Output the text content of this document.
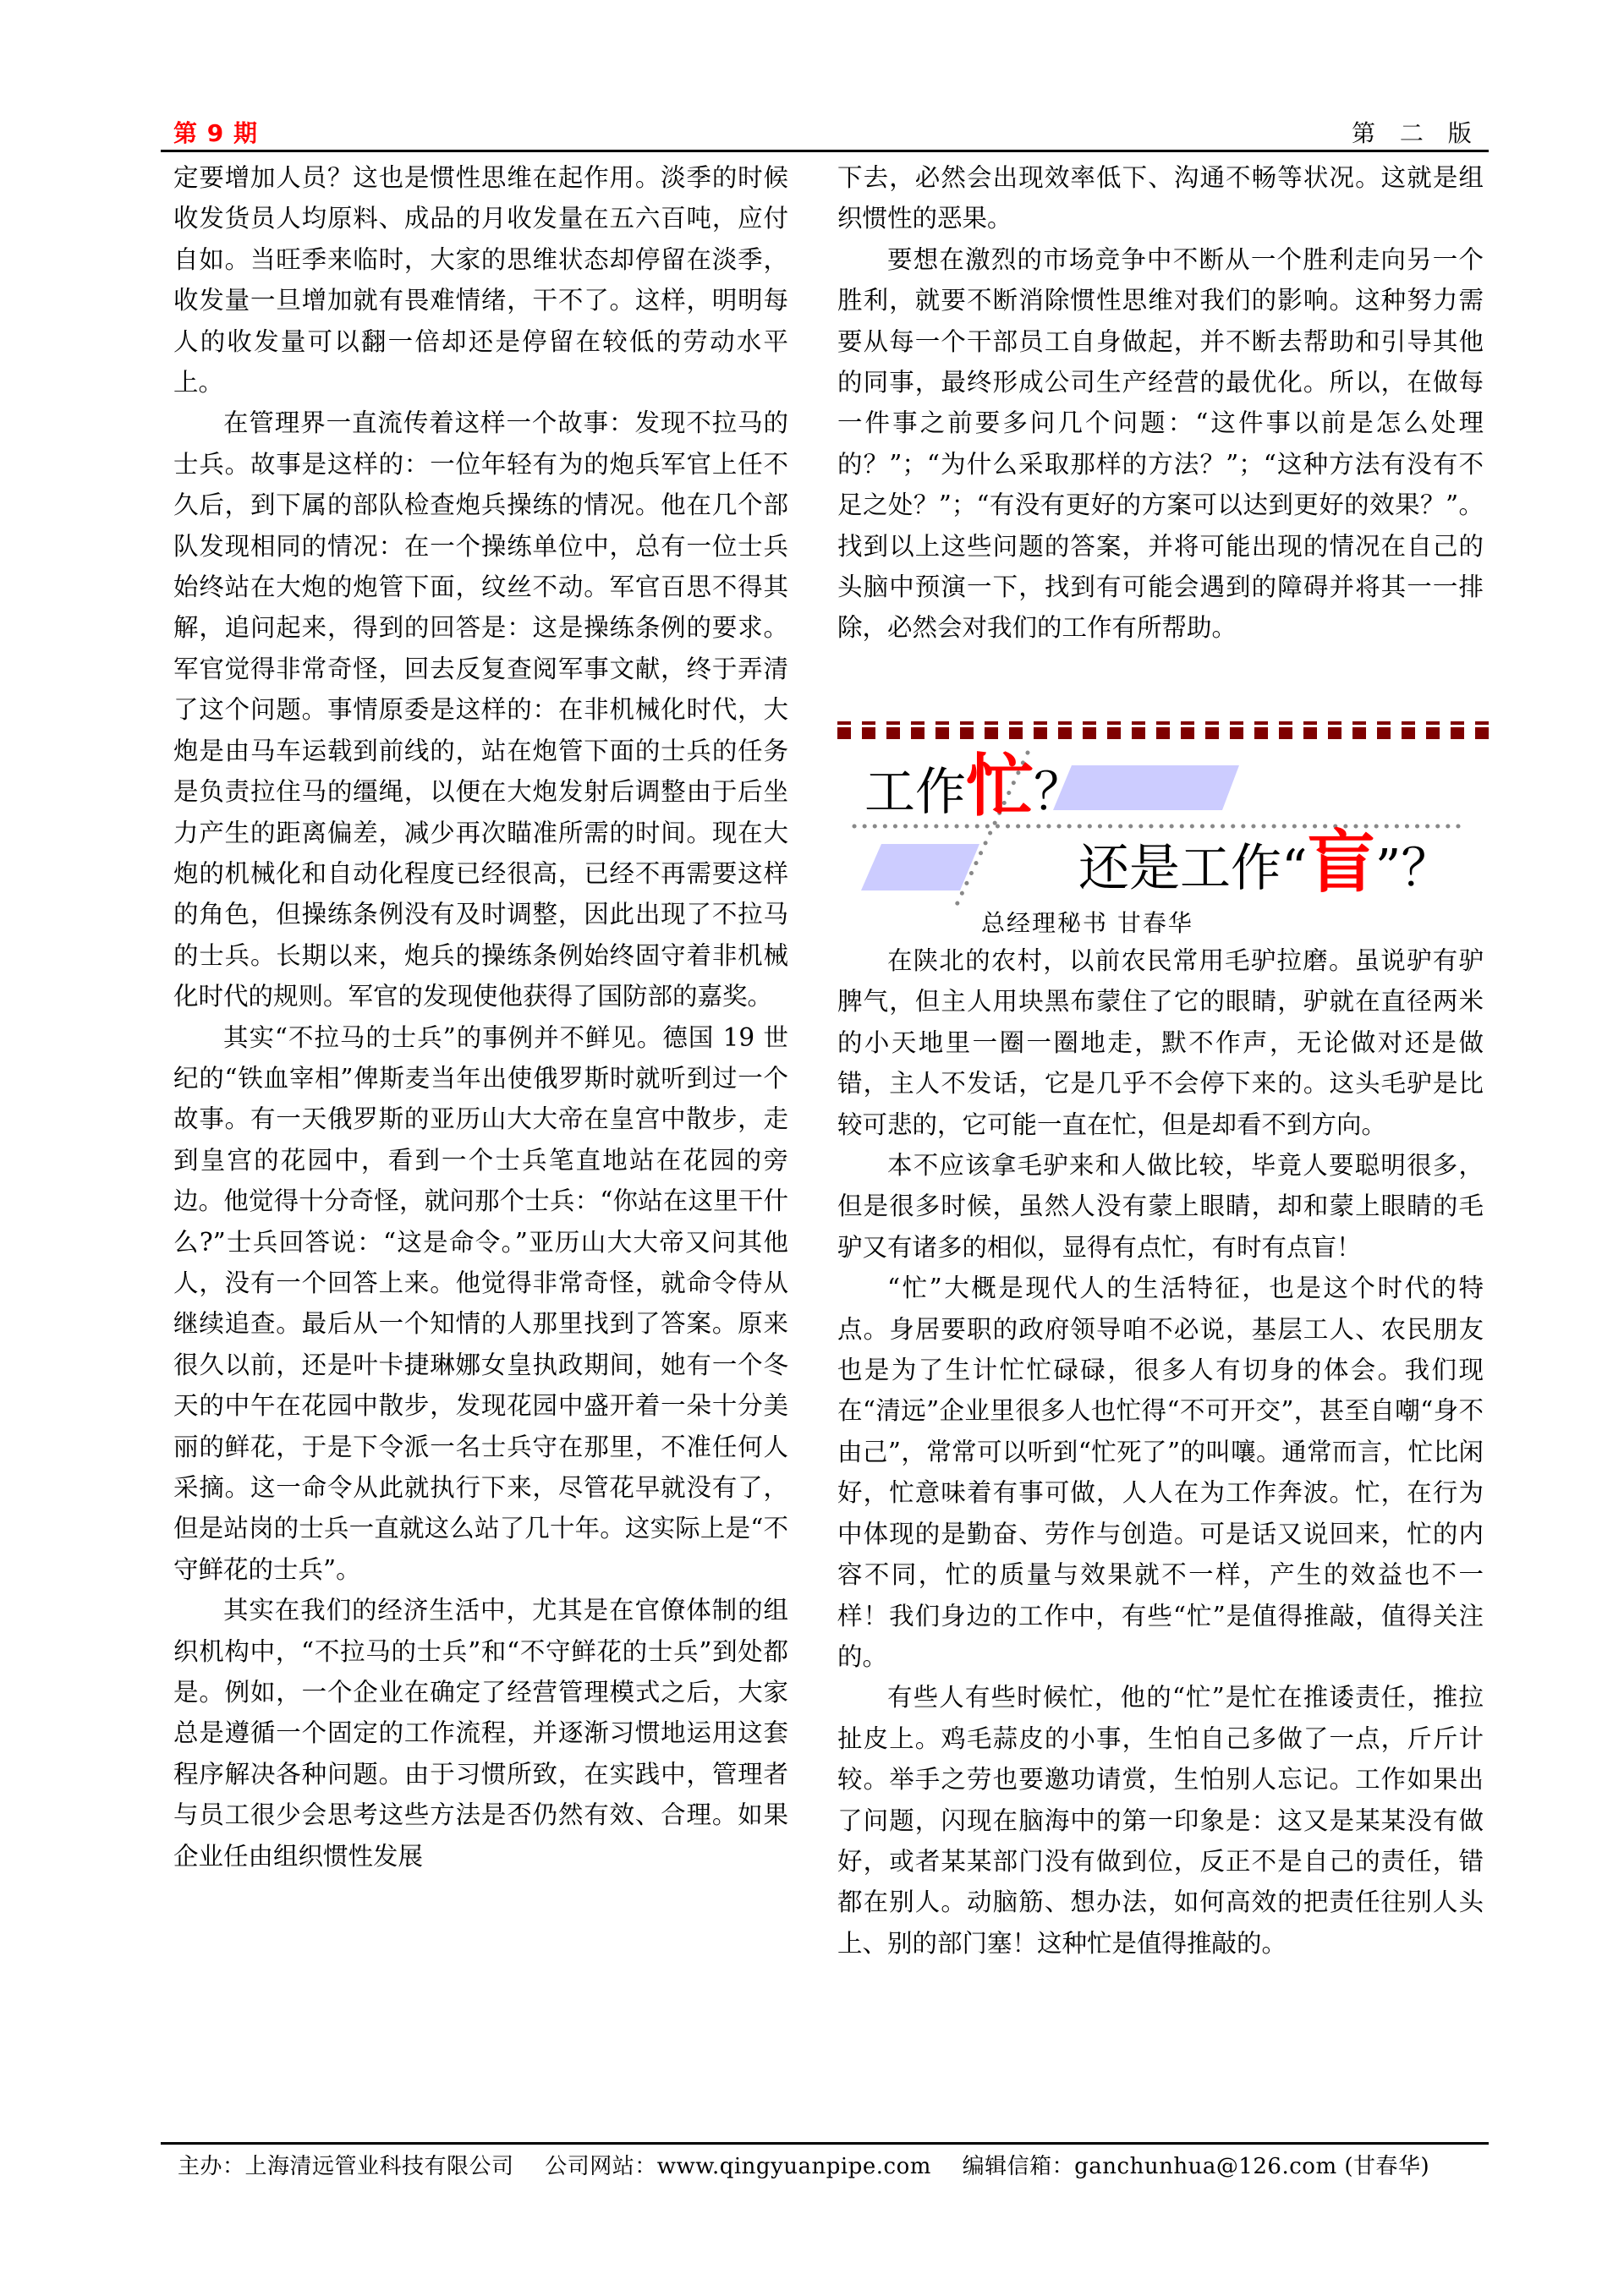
第 9 期	第 二 版

定要增加人员？这也是惯性思维在起作用。淡季的时候收发货员人均原料、成品的月收发量在五六百吨，应付自如。当旺季来临时，大家的思维状态却停留在淡季，收发量一旦增加就有畏难情绪，干不了。这样，明明每人的收发量可以翻一倍却还是停留在较低的劳动水平上。

在管理界一直流传着这样一个故事：发现不拉马的士兵。故事是这样的：一位年轻有为的炮兵军官上任不久后，到下属的部队检查炮兵操练的情况。他在几个部队发现相同的情况：在一个操练单位中，总有一位士兵始终站在大炮的炮管下面，纹丝不动。军官百思不得其解，追问起来，得到的回答是：这是操练条例的要求。军官觉得非常奇怪，回去反复查阅军事文献，终于弄清了这个问题。事情原委是这样的：在非机械化时代，大炮是由马车运载到前线的，站在炮管下面的士兵的任务是负责拉住马的缰绳，以便在大炮发射后调整由于后坐力产生的距离偏差，减少再次瞄准所需的时间。现在大炮的机械化和自动化程度已经很高，已经不再需要这样的角色，但操练条例没有及时调整，因此出现了不拉马的士兵。长期以来，炮兵的操练条例始终固守着非机械化时代的规则。军官的发现使他获得了国防部的嘉奖。

其实“不拉马的士兵”的事例并不鲜见。德国 19 世纪的“铁血宰相”俾斯麦当年出使俄罗斯时就听到过一个故事。有一天俄罗斯的亚历山大大帝在皇宫中散步，走到皇宫的花园中，看到一个士兵笔直地站在花园的旁边。他觉得十分奇怪，就问那个士兵：“你站在这里干什么?”士兵回答说：“这是命令。”亚历山大大帝又问其他人，没有一个回答上来。他觉得非常奇怪，就命令侍从继续追查。最后从一个知情的人那里找到了答案。原来很久以前，还是叶卡捷琳娜女皇执政期间，她有一个冬天的中午在花园中散步，发现花园中盛开着一朵十分美丽的鲜花，于是下令派一名士兵守在那里，不准任何人采摘。这一命令从此就执行下来，尽管花早就没有了，但是站岗的士兵一直就这么站了几十年。这实际上是“不守鲜花的士兵”。

其实在我们的经济生活中，尤其是在官僚体制的组织机构中，“不拉马的士兵”和“不守鲜花的士兵”到处都是。例如，一个企业在确定了经营管理模式之后，大家总是遵循一个固定的工作流程，并逐渐习惯地运用这套程序解决各种问题。由于习惯所致，在实践中，管理者与员工很少会思考这些方法是否仍然有效、合理。如果企业任由组织惯性发展

下去，必然会出现效率低下、沟通不畅等状况。这就是组织惯性的恶果。

要想在激烈的市场竞争中不断从一个胜利走向另一个胜利，就要不断消除惯性思维对我们的影响。这种努力需要从每一个干部员工自身做起，并不断去帮助和引导其他的同事，最终形成公司生产经营的最优化。所以，在做每一件事之前要多问几个问题：“这件事以前是怎么处理的？”；“为什么采取那样的方法？”；“这种方法有没有不足之处？”；“有没有更好的方案可以达到更好的效果？”。找到以上这些问题的答案，并将可能出现的情况在自己的头脑中预演一下，找到有可能会遇到的障碍并将其一一排除，必然会对我们的工作有所帮助。

工作忙？
还是工作“盲”？
总经理秘书 甘春华

在陕北的农村，以前农民常用毛驴拉磨。虽说驴有驴脾气，但主人用块黑布蒙住了它的眼睛，驴就在直径两米的小天地里一圈一圈地走，默不作声，无论做对还是做错，主人不发话，它是几乎不会停下来的。这头毛驴是比较可悲的，它可能一直在忙，但是却看不到方向。

本不应该拿毛驴来和人做比较，毕竟人要聪明很多，但是很多时候，虽然人没有蒙上眼睛，却和蒙上眼睛的毛驴又有诸多的相似，显得有点忙，有时有点盲！

“忙”大概是现代人的生活特征，也是这个时代的特点。身居要职的政府领导咱不必说，基层工人、农民朋友也是为了生计忙忙碌碌，很多人有切身的体会。我们现在“清远”企业里很多人也忙得“不可开交”，甚至自嘲“身不由己”，常常可以听到“忙死了”的叫嚷。通常而言，忙比闲好，忙意味着有事可做，人人在为工作奔波。忙，在行为中体现的是勤奋、劳作与创造。可是话又说回来，忙的内容不同，忙的质量与效果就不一样，产生的效益也不一样！我们身边的工作中，有些“忙”是值得推敲，值得关注的。

有些人有些时候忙，他的“忙”是忙在推诿责任，推拉扯皮上。鸡毛蒜皮的小事，生怕自己多做了一点，斤斤计较。举手之劳也要邀功请赏，生怕别人忘记。工作如果出了问题，闪现在脑海中的第一印象是：这又是某某没有做好，或者某某部门没有做到位，反正不是自己的责任，错都在别人。动脑筋、想办法，如何高效的把责任往别人头上、别的部门塞！这种忙是值得推敲的。

主办：上海清远管业科技有限公司 公司网站：www.qingyuanpipe.com 编辑信箱：ganchunhua@126.com (甘春华)
